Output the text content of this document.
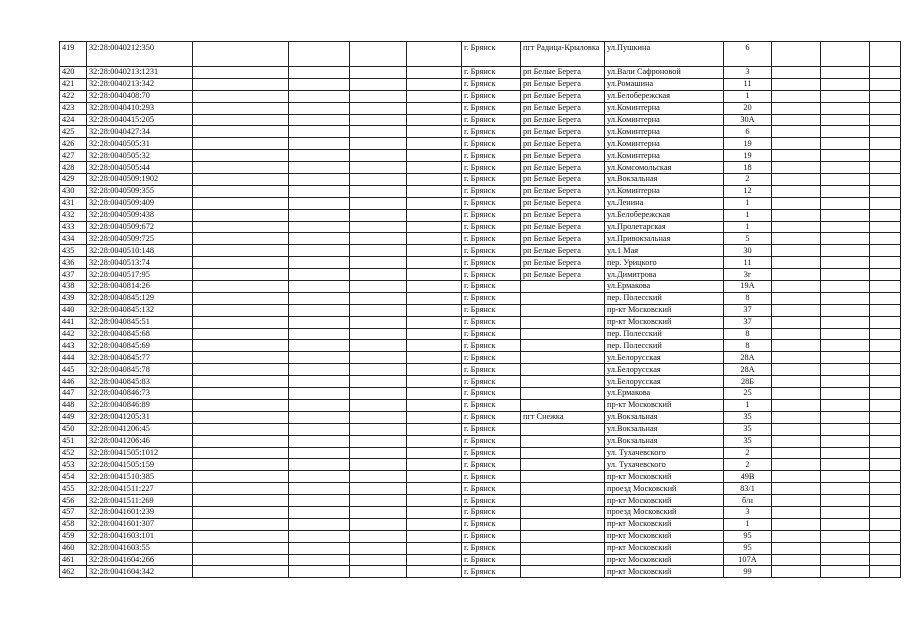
419	32:28:0040212:350					г. Брянск	пгт Радица-Крыловка	ул.Пушкина	6			
420	32:28:0040213:1231					г. Брянск	рп Белые Берега	ул.Вали Сафроновой	3			
421	32:28:0040213:342					г. Брянск	рп Белые Берега	ул.Ромашина	11			
422	32:28:0040408:70					г. Брянск	рп Белые Берега	ул.Белобережская	1			
423	32:28:0040410:293					г. Брянск	рп Белые Берега	ул.Коминтерна	20			
424	32:28:0040415:205					г. Брянск	рп Белые Берега	ул.Коминтерна	30А			
425	32:28:0040427:34					г. Брянск	рп Белые Берега	ул.Коминтерна	6			
426	32:28:0040505:31					г. Брянск	рп Белые Берега	ул.Коминтерна	19			
427	32:28:0040505:32					г. Брянск	рп Белые Берега	ул.Коминтерна	19			
428	32:28:0040505:44					г. Брянск	рп Белые Берега	ул.Комсомольская	18			
429	32:28:0040509:1902					г. Брянск	рп Белые Берега	ул.Вокзальная	2			
430	32:28:0040509:355					г. Брянск	рп Белые Берега	ул.Коминтерна	12			
431	32:28:0040509:409					г. Брянск	рп Белые Берега	ул.Ленина	1			
432	32:28:0040509:438					г. Брянск	рп Белые Берега	ул.Белобережская	1			
433	32:28:0040509:672					г. Брянск	рп Белые Берега	ул.Пролетарская	1			
434	32:28:0040509:725					г. Брянск	рп Белые Берега	ул.Привокзальная	5			
435	32:28:0040510:148					г. Брянск	рп Белые Берега	ул.1 Мая	30			
436	32:28:0040513:74					г. Брянск	рп Белые Берега	пер. Урицкого	11			
437	32:28:0040517:95					г. Брянск	рп Белые Берега	ул.Димитрова	3г			
438	32:28:0040814:26					г. Брянск		ул.Ермакова	19А			
439	32:28:0040845:129					г. Брянск		пер. Полесский	8			
440	32:28:0040845:132					г. Брянск		пр-кт Московский	37			
441	32:28:0040845:51					г. Брянск		пр-кт Московский	37			
442	32:28:0040845:68					г. Брянск		пер. Полесский	8			
443	32:28:0040845:69					г. Брянск		пер. Полесский	8			
444	32:28:0040845:77					г. Брянск		ул.Белорусская	28А			
445	32:28:0040845:78					г. Брянск		ул.Белорусская	28А			
446	32:28:0040845:83					г. Брянск		ул.Белорусская	28Б			
447	32:28:0040846:73					г. Брянск		ул.Ермакова	25			
448	32:28:0040846:89					г. Брянск		пр-кт Московский	1			
449	32:28:0041205:31					г. Брянск	пгт Снежка	ул.Вокзальная	35			
450	32:28:0041206:45					г. Брянск		ул.Вокзальная	35			
451	32:28:0041206:46					г. Брянск		ул.Вокзальная	35			
452	32:28:0041505:1012					г. Брянск		ул. Тухачевского	2			
453	32:28:0041505:159					г. Брянск		ул. Тухачевского	2			
454	32:28:0041510:385					г. Брянск		пр-кт Московский	49В			
455	32:28:0041511:227					г. Брянск		проезд Московский	83/1			
456	32:28:0041511:269					г. Брянск		пр-кт Московский	б/н			
457	32:28:0041601:239					г. Брянск		проезд Московский	3			
458	32:28:0041601:307					г. Брянск		пр-кт Московский	1			
459	32:28:0041603:101					г. Брянск		пр-кт Московский	95			
460	32:28:0041603:55					г. Брянск		пр-кт Московский	95			
461	32:28:0041604:266					г. Брянск		пр-кт Московский	107А			
462	32:28:0041604:342					г. Брянск		пр-кт Московский	99			
